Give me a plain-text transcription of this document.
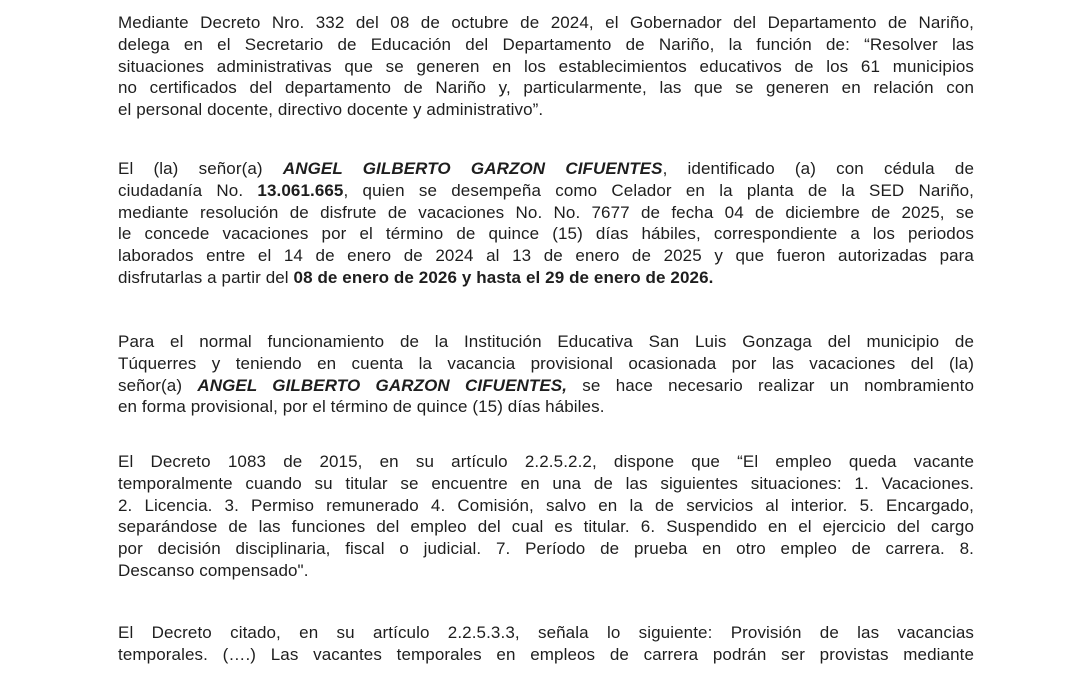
Mediante Decreto Nro. 332 del 08 de octubre de 2024, el Gobernador del Departamento de Nariño,
delega en el Secretario de Educación del Departamento de Nariño, la función de: “Resolver las
situaciones administrativas que se generen en los establecimientos educativos de los 61 municipios
no certificados del departamento de Nariño y, particularmente, las que se generen en relación con
el personal docente, directivo docente y administrativo”.
El (la) señor(a) ANGEL GILBERTO GARZON CIFUENTES, identificado (a) con cédula de
ciudadanía No. 13.061.665, quien se desempeña como Celador en la planta de la SED Nariño,
mediante resolución de disfrute de vacaciones No. No. 7677 de fecha 04 de diciembre de 2025, se
le concede vacaciones por el término de quince (15) días hábiles, correspondiente a los periodos
laborados entre el 14 de enero de 2024 al 13 de enero de 2025 y que fueron autorizadas para
disfrutarlas a partir del 08 de enero de 2026 y hasta el 29 de enero de 2026.
Para el normal funcionamiento de la Institución Educativa San Luis Gonzaga del municipio de
Túquerres y teniendo en cuenta la vacancia provisional ocasionada por las vacaciones del (la)
señor(a) ANGEL GILBERTO GARZON CIFUENTES, se hace necesario realizar un nombramiento
en forma provisional, por el término de quince (15) días hábiles.
El Decreto 1083 de 2015, en su artículo 2.2.5.2.2, dispone que “El empleo queda vacante
temporalmente cuando su titular se encuentre en una de las siguientes situaciones: 1. Vacaciones.
2. Licencia. 3. Permiso remunerado 4. Comisión, salvo en la de servicios al interior. 5. Encargado,
separándose de las funciones del empleo del cual es titular. 6. Suspendido en el ejercicio del cargo
por decisión disciplinaria, fiscal o judicial. 7. Período de prueba en otro empleo de carrera. 8.
Descanso compensado".
El Decreto citado, en su artículo 2.2.5.3.3, señala lo siguiente: Provisión de las vacancias
temporales. (….) Las vacantes temporales en empleos de carrera podrán ser provistas mediante
